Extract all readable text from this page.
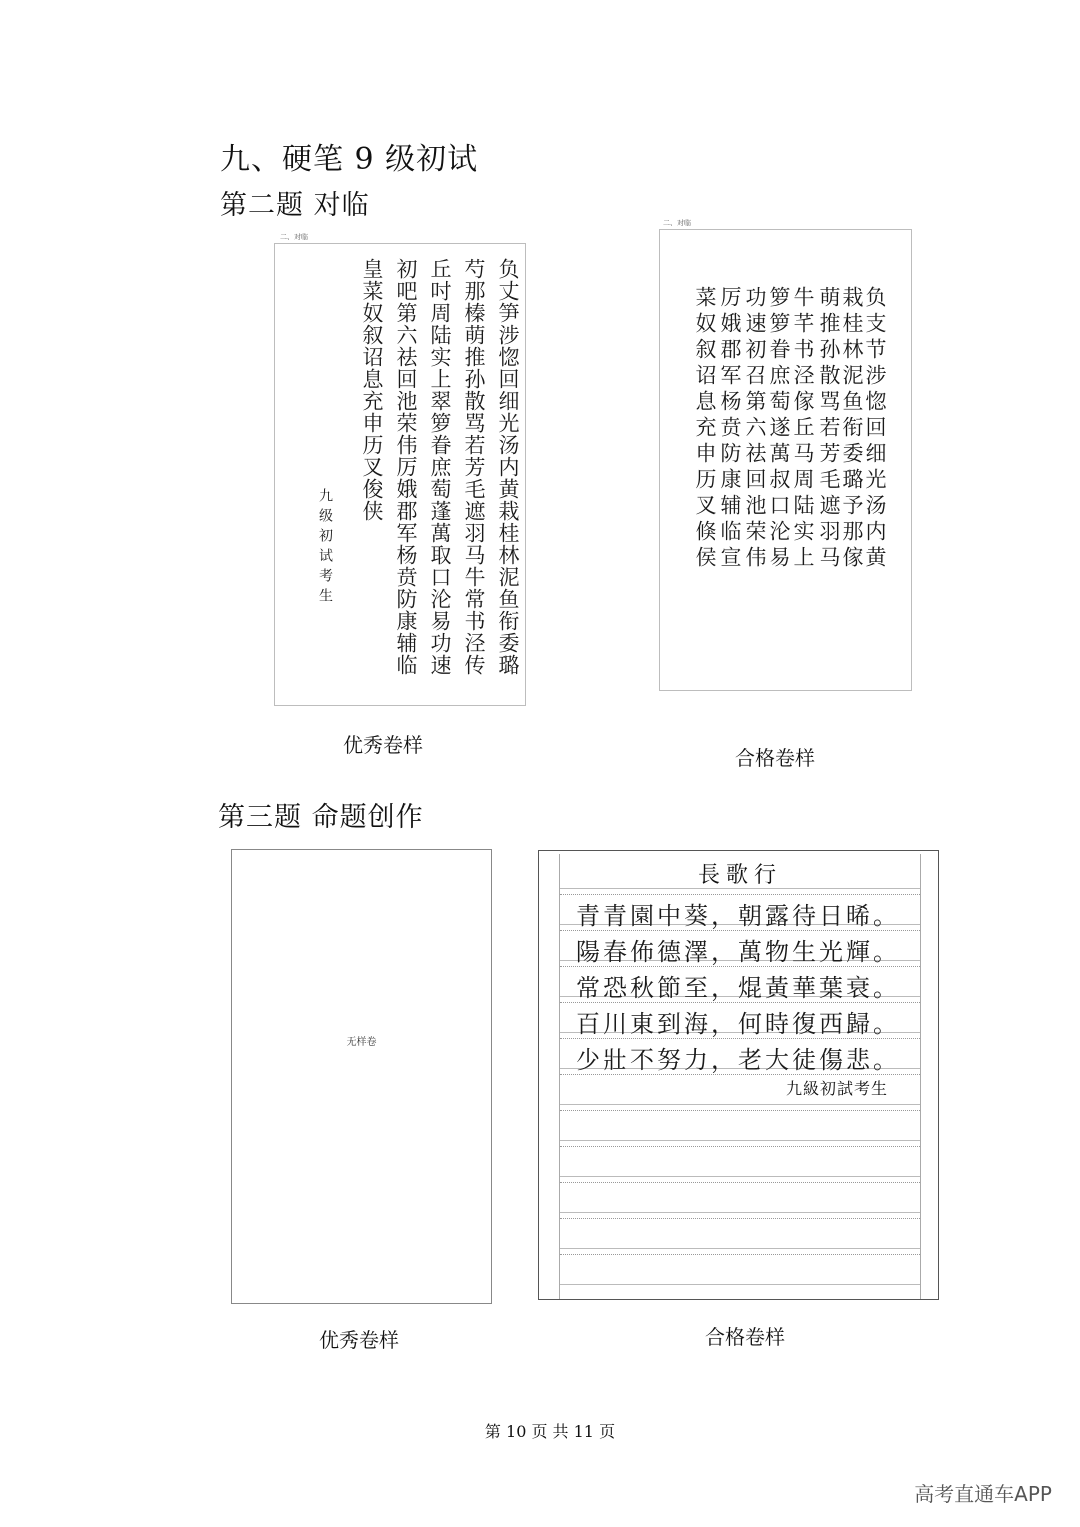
九、硬笔 9 级初试
第二题 对临
二、对临
负丈笋涉惚回细光汤内黄栽桂林泥鱼衔委璐
芍那榛萌推孙散骂若芳毛遮羽马牛常书泾传
丘吋周陆实上翠箩眷庶萄蓬萬取口沦易功速
初吧第六祛回池荣伟厉娥郡军杨贲防康辅临
皇菜奴叙诏息充申历叉俊侠
九级初试考生
优秀卷样
二、对临
负支节涉惚回细光汤内黄
栽桂林泥鱼衔委璐予那傢
萌推孙散骂若芳毛遮羽马
牛芊书泾傢丘马周陆实上
箩箩眷庶萄遂萬叔口沦易
功速初召第六祛回池荣伟
厉娥郡军杨贲防康辅临宣
菜奴叙诏息充申历叉倏侯
合格卷样
第三题 命题创作
无样卷
优秀卷样
長歌行
青青園中葵，朝露待日晞。
陽春佈德澤，萬物生光輝。
常恐秋節至，焜黃華葉衰。
百川東到海，何時復西歸。
少壯不努力，老大徒傷悲。
九級初試考生
合格卷样
第 10 页 共 11 页
高考直通车APP
